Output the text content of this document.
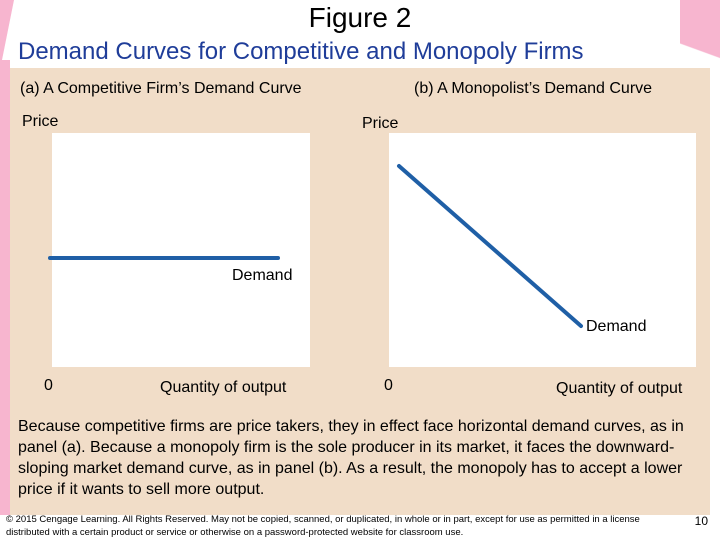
Figure 2
Demand Curves for Competitive and Monopoly Firms
(a) A Competitive Firm’s Demand Curve
Price
0	Quantity of output
Demand
(b) A Monopolist’s Demand Curve
Price
0	Quantity of output
Demand
Because competitive firms are price takers, they in effect face horizontal demand curves, as in panel (a). Because a monopoly firm is the sole producer in its market, it faces the downward-sloping market demand curve, as in panel (b). As a result, the monopoly has to accept a lower price if it wants to sell more output.
© 2015 Cengage Learning. All Rights Reserved. May not be copied, scanned, or duplicated, in whole or in part, except for use as permitted in a license distributed with a certain product or service or otherwise on a password-protected website for classroom use.
10
